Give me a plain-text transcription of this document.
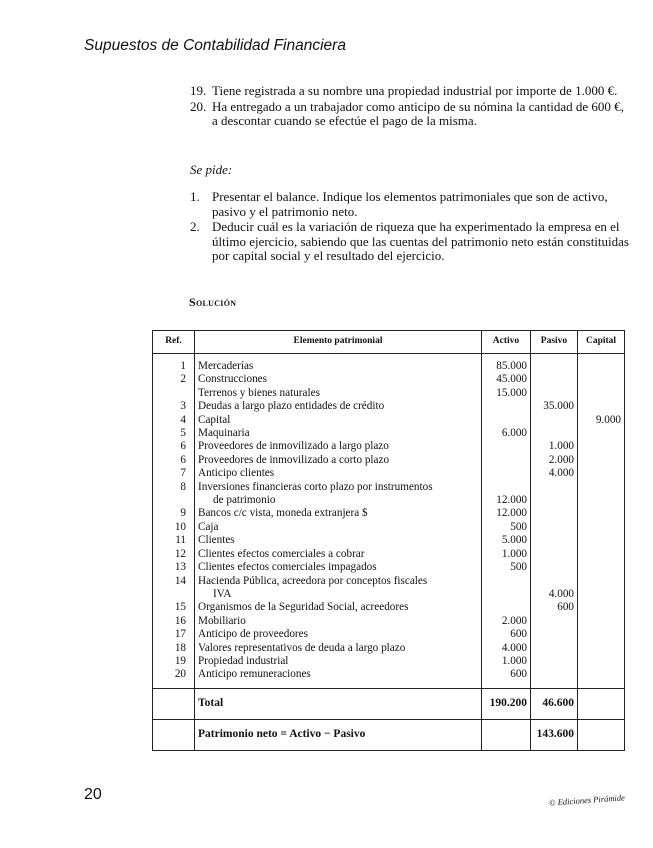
Supuestos de Contabilidad Financiera
19. Tiene registrada a su nombre una propiedad industrial por importe de 1.000 €.
20. Ha entregado a un trabajador como anticipo de su nómina la cantidad de 600 €, a descontar cuando se efectúe el pago de la misma.
Se pide:
1. Presentar el balance. Indique los elementos patrimoniales que son de activo, pasivo y el patrimonio neto.
2. Deducir cuál es la variación de riqueza que ha experimentado la empresa en el último ejercicio, sabiendo que las cuentas del patrimonio neto están constituidas por capital social y el resultado del ejercicio.
Solución
Ref.	Elemento patrimonial	Activo	Pasivo	Capital
1	Mercaderías	85.000		
2	Construcciones	45.000		
	Terrenos y bienes naturales	15.000		
3	Deudas a largo plazo entidades de crédito		35.000	
4	Capital			9.000
5	Maquinaria	6.000		
6	Proveedores de inmovilizado a largo plazo		1.000	
6	Proveedores de inmovilizado a corto plazo		2.000	
7	Anticipo clientes		4.000	
8	Inversiones financieras corto plazo por instrumentos			
	de patrimonio	12.000		
9	Bancos c/c vista, moneda extranjera $	12.000		
10	Caja	500		
11	Clientes	5.000		
12	Clientes efectos comerciales a cobrar	1.000		
13	Clientes efectos comerciales impagados	500		
14	Hacienda Pública, acreedora por conceptos fiscales			
	IVA		4.000	
15	Organismos de la Seguridad Social, acreedores		600	
16	Mobiliario	2.000		
17	Anticipo de proveedores	600		
18	Valores representativos de deuda a largo plazo	4.000		
19	Propiedad industrial	1.000		
20	Anticipo remuneraciones	600		
	Total	190.200	46.600	
	Patrimonio neto = Activo − Pasivo		143.600	
20	© Ediciones Pirámide
